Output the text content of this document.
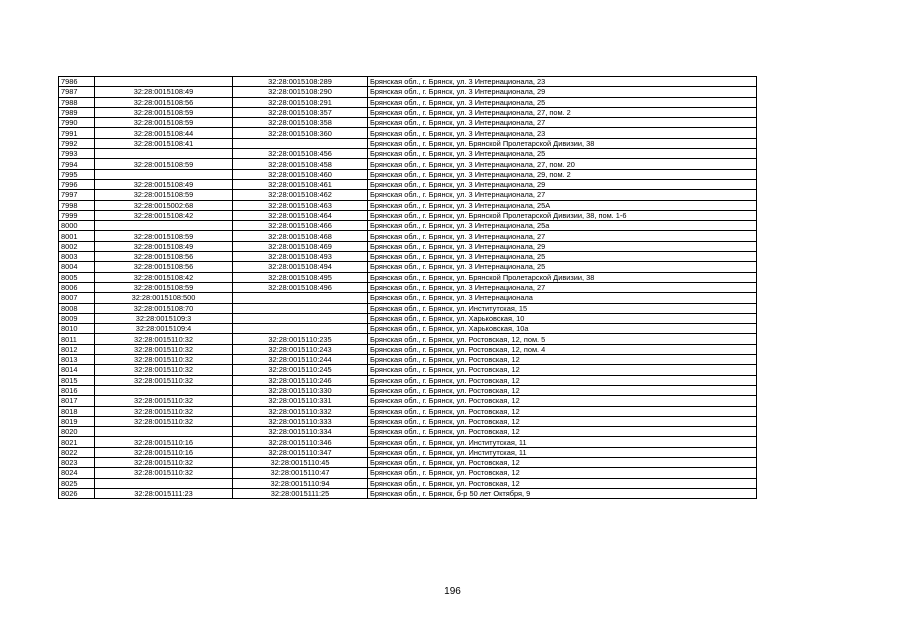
7986		32:28:0015108:289	Брянская обл., г. Брянск, ул. 3 Интернационала, 23
7987	32:28:0015108:49	32:28:0015108:290	Брянская обл., г. Брянск, ул. 3 Интернационала, 29
7988	32:28:0015108:56	32:28:0015108:291	Брянская обл., г. Брянск, ул. 3 Интернационала, 25
7989	32:28:0015108:59	32:28:0015108:357	Брянская обл., г. Брянск, ул. 3 Интернационала, 27, пом. 2
7990	32:28:0015108:59	32:28:0015108:358	Брянская обл., г. Брянск, ул. 3 Интернационала, 27
7991	32:28:0015108:44	32:28:0015108:360	Брянская обл., г. Брянск, ул. 3 Интернационала, 23
7992	32:28:0015108:41		Брянская обл., г. Брянск, ул. Брянской Пролетарской Дивизии, 38
7993		32:28:0015108:456	Брянская обл., г. Брянск, ул. 3 Интернационала, 25
7994	32:28:0015108:59	32:28:0015108:458	Брянская обл., г. Брянск, ул. 3 Интернационала, 27, пом. 20
7995		32:28:0015108:460	Брянская обл., г. Брянск, ул. 3 Интернационала, 29, пом. 2
7996	32:28:0015108:49	32:28:0015108:461	Брянская обл., г. Брянск, ул. 3 Интернационала, 29
7997	32:28:0015108:59	32:28:0015108:462	Брянская обл., г. Брянск, ул. 3 Интернационала, 27
7998	32:28:0015002:68	32:28:0015108:463	Брянская обл., г. Брянск, ул. 3 Интернационала, 25А
7999	32:28:0015108:42	32:28:0015108:464	Брянская обл., г. Брянск, ул. Брянской Пролетарской Дивизии, 38, пом. 1-6
8000		32:28:0015108:466	Брянская обл., г. Брянск, ул. 3 Интернационала, 25а
8001	32:28:0015108:59	32:28:0015108:468	Брянская обл., г. Брянск, ул. 3 Интернационала, 27
8002	32:28:0015108:49	32:28:0015108:469	Брянская обл., г. Брянск, ул. 3 Интернационала, 29
8003	32:28:0015108:56	32:28:0015108:493	Брянская обл., г. Брянск, ул. 3 Интернационала, 25
8004	32:28:0015108:56	32:28:0015108:494	Брянская обл., г. Брянск, ул. 3 Интернационала, 25
8005	32:28:0015108:42	32:28:0015108:495	Брянская обл., г. Брянск, ул. Брянской Пролетарской Дивизии, 38
8006	32:28:0015108:59	32:28:0015108:496	Брянская обл., г. Брянск, ул. 3 Интернационала, 27
8007	32:28:0015108:500		Брянская обл., г. Брянск, ул. 3 Интернационала
8008	32:28:0015108:70		Брянская обл., г. Брянск, ул. Институтская, 15
8009	32:28:0015109:3		Брянская обл., г. Брянск, ул. Харьковская, 10
8010	32:28:0015109:4		Брянская обл., г. Брянск, ул. Харьковская, 10а
8011	32:28:0015110:32	32:28:0015110:235	Брянская обл., г. Брянск, ул. Ростовская, 12, пом. 5
8012	32:28:0015110:32	32:28:0015110:243	Брянская обл., г. Брянск, ул. Ростовская, 12, пом. 4
8013	32:28:0015110:32	32:28:0015110:244	Брянская обл., г. Брянск, ул. Ростовская, 12
8014	32:28:0015110:32	32:28:0015110:245	Брянская обл., г. Брянск, ул. Ростовская, 12
8015	32:28:0015110:32	32:28:0015110:246	Брянская обл., г. Брянск, ул. Ростовская, 12
8016		32:28:0015110:330	Брянская обл., г. Брянск, ул. Ростовская, 12
8017	32:28:0015110:32	32:28:0015110:331	Брянская обл., г. Брянск, ул. Ростовская, 12
8018	32:28:0015110:32	32:28:0015110:332	Брянская обл., г. Брянск, ул. Ростовская, 12
8019	32:28:0015110:32	32:28:0015110:333	Брянская обл., г. Брянск, ул. Ростовская, 12
8020		32:28:0015110:334	Брянская обл., г. Брянск, ул. Ростовская, 12
8021	32:28:0015110:16	32:28:0015110:346	Брянская обл., г. Брянск, ул. Институтская, 11
8022	32:28:0015110:16	32:28:0015110:347	Брянская обл., г. Брянск, ул. Институтская, 11
8023	32:28:0015110:32	32:28:0015110:45	Брянская обл., г. Брянск, ул. Ростовская, 12
8024	32:28:0015110:32	32:28:0015110:47	Брянская обл., г. Брянск, ул. Ростовская, 12
8025		32:28:0015110:94	Брянская обл., г. Брянск, ул. Ростовская, 12
8026	32:28:0015111:23	32:28:0015111:25	Брянская обл., г. Брянск, б-р 50 лет Октября, 9
196
